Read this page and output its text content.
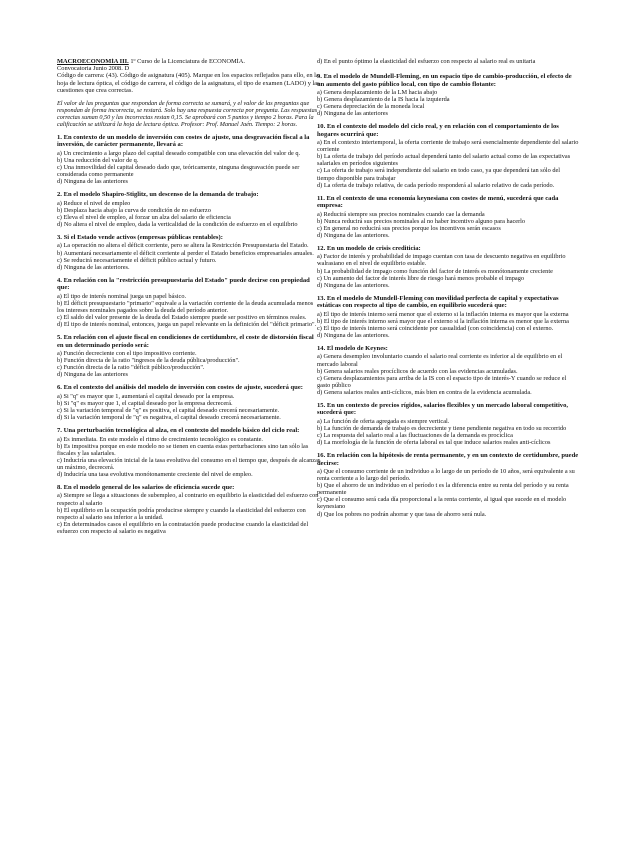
MACROECONOMÍA III. 1º Curso de la Licenciatura de ECONOMÍA.

Convocatoria Junio 2008. D

Código de carrera: (43). Código de asignatura (405). Marque en los espacios reflejados para ello, en la hoja de lectura óptica, el código de carrera, el código de la asignatura, el tipo de examen (LADO) y las cuestiones que crea correctas.

El valor de las preguntas que respondan de forma correcta se sumará, y el valor de las preguntas que respondan de forma incorrecta, se restará. Solo hay una respuesta correcta por pregunta. Las respuestas correctas suman 0,50 y las incorrectas restan 0,15. Se aprobará con 5 puntos y tiempo 2 horas. Para la calificación se utilizará la hoja de lectura óptica. Profesor: Prof. Manuel Jaén. Tiempo: 2 horas.

1. En contexto de un modelo de inversión con costes de ajuste, una desgravación fiscal a la inversión, de carácter permanente, llevará a:

a) Un crecimiento a largo plazo del capital deseado compatible con una elevación del valor de q.

b) Una reducción del valor de q.

c) Una inmovilidad del capital deseado dado que, teóricamente, ninguna desgravación puede ser considerada como permanente

d) Ninguna de las anteriores

2. En el modelo Shapiro-Stiglitz, un descenso de la demanda de trabajo:

a) Reduce el nivel de empleo

b) Desplaza hacia abajo la curva de condición de no esfuerzo

c) Eleva el nivel de empleo, al forzar un alza del salario de eficiencia

d) No altera el nivel de empleo, dada la verticalidad de la condición de esfuerzo en el equilibrio

3. Si el Estado vende activos (empresas públicas rentables):

a) La operación no altera el déficit corriente, pero se altera la Restricción Presupuestaria del Estado.

b) Aumentará necesariamente el déficit corriente al perder el Estado beneficios empresariales anuales.

c) Se reducirá necesariamente el déficit público actual y futuro.

d) Ninguna de las anteriores.

4. En relación con la "restricción presupuestaria del Estado" puede decirse con propiedad que:

a) El tipo de interés nominal juega un papel básico.

b) El déficit presupuestario "primario" equivale a la variación corriente de la deuda acumulada menos los intereses nominales pagados sobre la deuda del período anterior.

c) El saldo del valor presente de la deuda del Estado siempre puede ser positivo en términos reales.

d) El tipo de interés nominal, entonces, juega un papel relevante en la definición del "déficit primario".

5. En relación con el ajuste fiscal en condiciones de certidumbre, el coste de distorsión fiscal en un determinado período será:

a) Función decreciente con el tipo impositivo corriente.

b) Función directa de la ratio "ingresos de la deuda pública/producción".

c) Función directa de la ratio "déficit público/producción".

d) Ninguna de las anteriores

6. En el contexto del análisis del modelo de inversión con costes de ajuste, sucederá que:

a) Si "q" es mayor que 1, aumentará el capital deseado por la empresa.

b) Si "q" es mayor que 1, el capital deseado por la empresa decrecerá.

c) Si la variación temporal de "q" es positiva, el capital deseado crecerá necesariamente.

d) Si la variación temporal de "q" es negativa, el capital deseado crecerá necesariamente.

7. Una perturbación tecnológica al alza, en el contexto del modelo básico del ciclo real:

a) Es inmediata. En este modelo el ritmo de crecimiento tecnológico es constante.

b) Es impositiva porque en este modelo no se tienen en cuenta estas perturbaciones sino tan sólo las fiscales y las salariales.

c) Induciría una elevación inicial de la tasa evolutiva del consumo en el tiempo que, después de alcanzar un máximo, decrecerá.

d) Induciría una tasa evolutiva monótonamente creciente del nivel de empleo.

8. En el modelo general de los salarios de eficiencia sucede que:

a) Siempre se llega a situaciones de subempleo, al contrario en equilibrio la elasticidad del esfuerzo con respecto al salario

b) El equilibrio en la ocupación podría producirse siempre y cuando la elasticidad del esfuerzo con respecto al salario sea inferior a la unidad.

c) En determinados casos el equilibrio en la contratación puede producirse cuando la elasticidad del esfuerzo con respecto al salario es negativa

d) En el punto óptimo la elasticidad del esfuerzo con respecto al salario real es unitaria

9. En el modelo de Mundell-Fleming, en un espacio tipo de cambio-producción, el efecto de un aumento del gasto público local, con tipo de cambio flotante:

a) Genera desplazamiento de la LM hacia abajo

b) Genera desplazamiento de la IS hacia la izquierda

c) Genera depreciación de la moneda local

d) Ninguna de las anteriores

10. En el contexto del modelo del ciclo real, y en relación con el comportamiento de los hogares ocurrirá que:

a) En el contexto intertemporal, la oferta corriente de trabajo será esencialmente dependiente del salario corriente

b) La oferta de trabajo del período actual dependerá tanto del salario actual como de las expectativas salariales en períodos siguientes

c) La oferta de trabajo será independiente del salario en todo caso, ya que dependerá tan sólo del tiempo disponible para trabajar

d) La oferta de trabajo relativa, de cada período responderá al salario relativo de cada período.

11. En el contexto de una economía keynesiana con costes de menú, sucederá que cada empresa:

a) Reducirá siempre sus precios nominales cuando cae la demanda

b) Nunca reducirá sus precios nominales al no haber incentivo alguno para hacerlo

c) En general no reducirá sus precios porque los incentivos serán escasos

d) Ninguna de las anteriores.

12. En un modelo de crisis crediticia:

a) Factor de interés y probabilidad de impago cuentan con tasa de descuento negativa en equilibrio walrasiano en el nivel de equilibrio estable.

b) La probabilidad de impago como función del factor de interés es monótonamente creciente

c) Un aumento del factor de interés libre de riesgo hará menos probable el impago

d) Ninguna de las anteriores.

13. En el modelo de Mundell-Fleming con movilidad perfecta de capital y expectativas estáticas con respecto al tipo de cambio, en equilibrio sucederá que:

a) El tipo de interés interno será menor que el externo si la inflación interna es mayor que la externa

b) El tipo de interés interno será mayor que el externo si la inflación interna es menor que la externa

c) El tipo de interés interno será coincidente por casualidad (con coincidencia) con el externo.

d) Ninguna de las anteriores.

14. El modelo de Keynes:

a) Genera desempleo involuntario cuando el salario real corriente es inferior al de equilibrio en el mercado laboral

b) Genera salarios reales procíclicos de acuerdo con las evidencias acumuladas.

c) Genera desplazamientos para arriba de la IS con el espacio tipo de interés-Y cuando se reduce el gasto público

d) Genera salarios reales anti-cíclicos, más bien en contra de la evidencia acumulada.

15. En un contexto de precios rígidos, salarios flexibles y un mercado laboral competitivo, sucederá que:

a) La función de oferta agregada es siempre vertical.

b) La función de demanda de trabajo es decreciente y tiene pendiente negativa en todo su recorrido

c) La respuesta del salario real a las fluctuaciones de la demanda es procíclica

d) La morfología de la función de oferta laboral es tal que induce salarios reales anti-cíclicos

16. En relación con la hipótesis de renta permanente, y en un contexto de certidumbre, puede decirse:

a) Que el consumo corriente de un individuo a lo largo de un período de 10 años, será equivalente a su renta corriente a lo largo del período.

b) Que el ahorro de un individuo en el período t es la diferencia entre su renta del período y su renta permanente

c) Que el consumo será cada día proporcional a la renta corriente, al igual que sucede en el modelo keynesiano

d) Que los pobres no podrán ahorrar y que tasa de ahorro será nula.
